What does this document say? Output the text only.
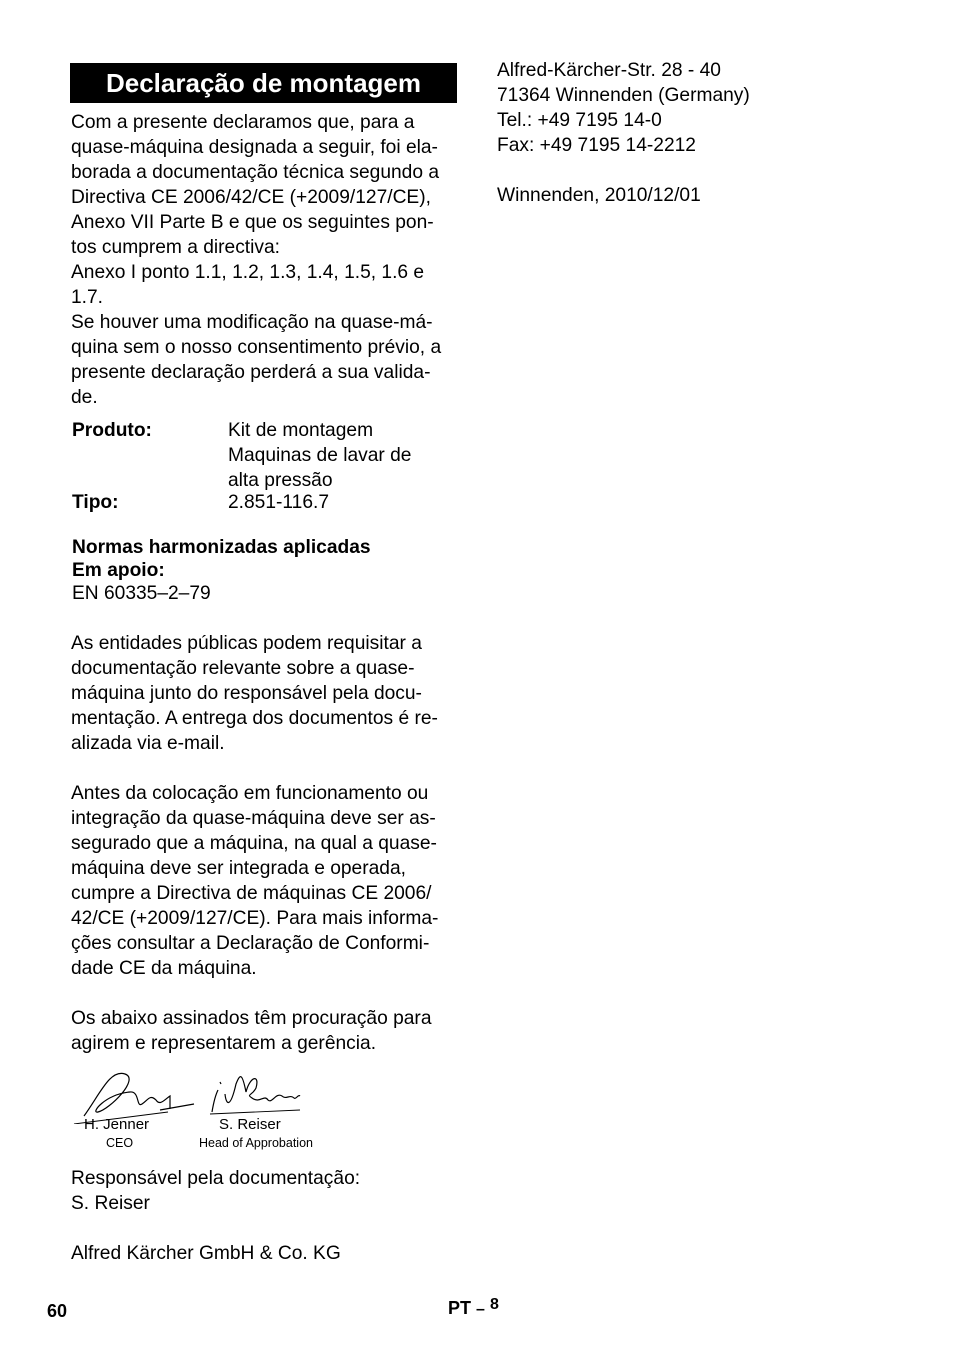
Declaração de montagem
Com a presente declaramos que, para a
quase-máquina designada a seguir, foi ela-
borada a documentação técnica segundo a
Directiva CE 2006/42/CE (+2009/127/CE),
Anexo VII Parte B e que os seguintes pon-
tos cumprem a directiva:
Anexo I ponto 1.1, 1.2, 1.3, 1.4, 1.5, 1.6 e
1.7.
Se houver uma modificação na quase-má-
quina sem o nosso consentimento prévio, a
presente declaração perderá a sua valida-
de.
Produto:	Kit de montagem
Maquinas de lavar de
alta pressão
Tipo:	2.851-116.7
Normas harmonizadas aplicadas
Em apoio:
EN 60335–2–79
As entidades públicas podem requisitar a
documentação relevante sobre a quase-
máquina junto do responsável pela docu-
mentação. A entrega dos documentos é re-
alizada via e-mail.
Antes da colocação em funcionamento ou
integração da quase-máquina deve ser as-
segurado que a máquina, na qual a quase-
máquina deve ser integrada e operada,
cumpre a Directiva de máquinas CE 2006/
42/CE (+2009/127/CE). Para mais informa-
ções consultar a Declaração de Conformi-
dade CE da máquina.
Os abaixo assinados têm procuração para
agirem e representarem a gerência.
H. Jenner
CEO
S. Reiser
Head of Approbation
Responsável pela documentação:
S. Reiser
Alfred Kärcher GmbH & Co. KG
Alfred-Kärcher-Str. 28 - 40
71364 Winnenden (Germany)
Tel.: +49 7195 14-0
Fax: +49 7195 14-2212
Winnenden, 2010/12/01
60	PT – 8
